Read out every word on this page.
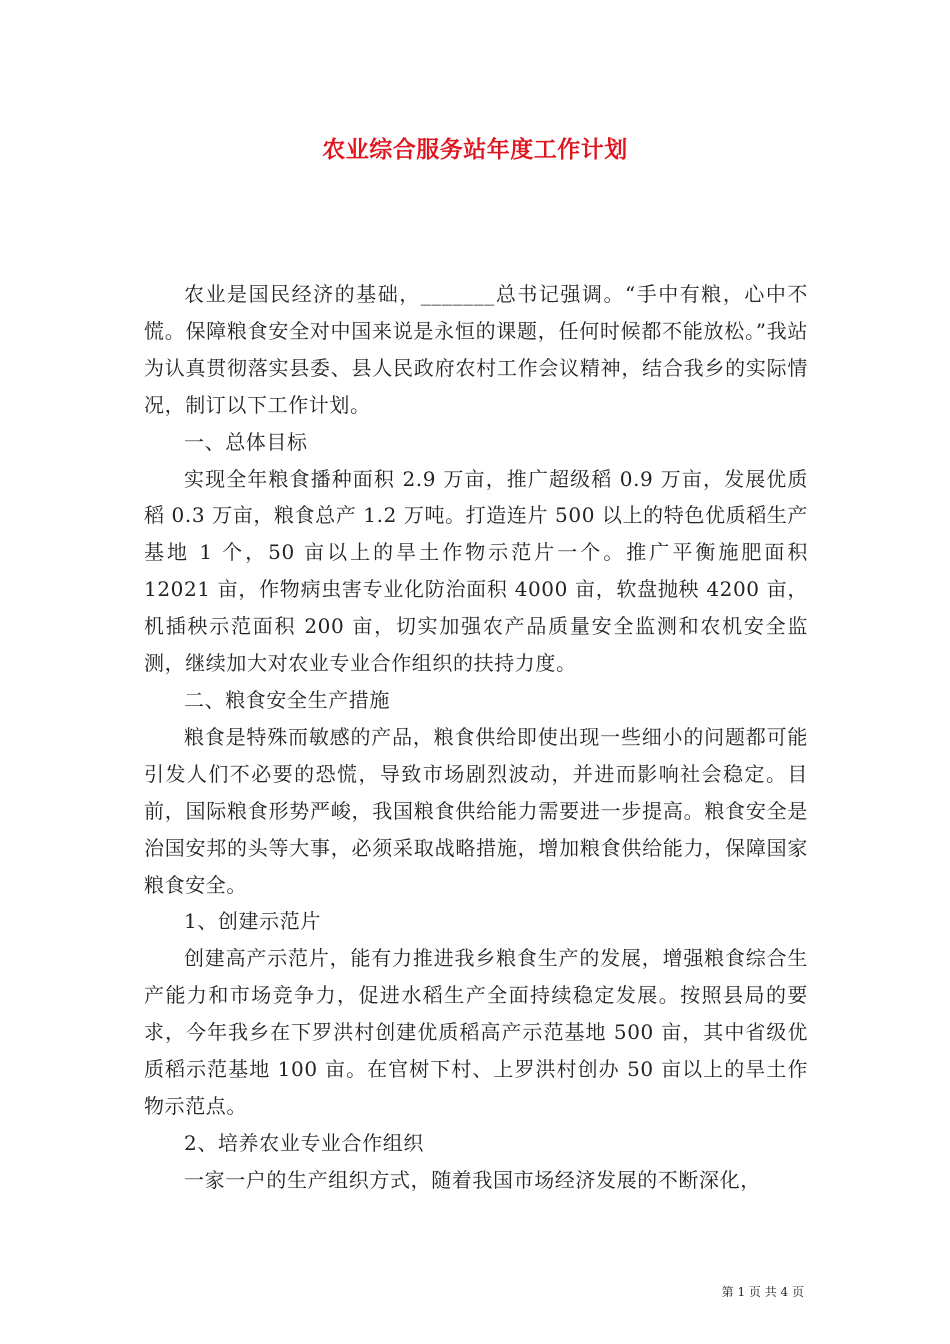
农业综合服务站年度工作计划

农业是国民经济的基础，_______总书记强调。“手中有粮，心中不慌。保障粮食安全对中国来说是永恒的课题，任何时候都不能放松。”我站为认真贯彻落实县委、县人民政府农村工作会议精神，结合我乡的实际情况，制订以下工作计划。

一、总体目标

实现全年粮食播种面积 2.9 万亩，推广超级稻 0.9 万亩，发展优质稻 0.3 万亩，粮食总产 1.2 万吨。打造连片 500 以上的特色优质稻生产基地 1 个，50 亩以上的旱土作物示范片一个。推广平衡施肥面积 12021 亩，作物病虫害专业化防治面积 4000 亩，软盘抛秧 4200 亩，机插秧示范面积 200 亩，切实加强农产品质量安全监测和农机安全监测，继续加大对农业专业合作组织的扶持力度。

二、粮食安全生产措施

粮食是特殊而敏感的产品，粮食供给即使出现一些细小的问题都可能引发人们不必要的恐慌，导致市场剧烈波动，并进而影响社会稳定。目前，国际粮食形势严峻，我国粮食供给能力需要进一步提高。粮食安全是治国安邦的头等大事，必须采取战略措施，增加粮食供给能力，保障国家粮食安全。

1、创建示范片

创建高产示范片，能有力推进我乡粮食生产的发展，增强粮食综合生产能力和市场竞争力，促进水稻生产全面持续稳定发展。按照县局的要求，今年我乡在下罗洪村创建优质稻高产示范基地 500 亩，其中省级优质稻示范基地 100 亩。在官树下村、上罗洪村创办 50 亩以上的旱土作物示范点。

2、培养农业专业合作组织

一家一户的生产组织方式，随着我国市场经济发展的不断深化，

第 1 页 共 4 页
